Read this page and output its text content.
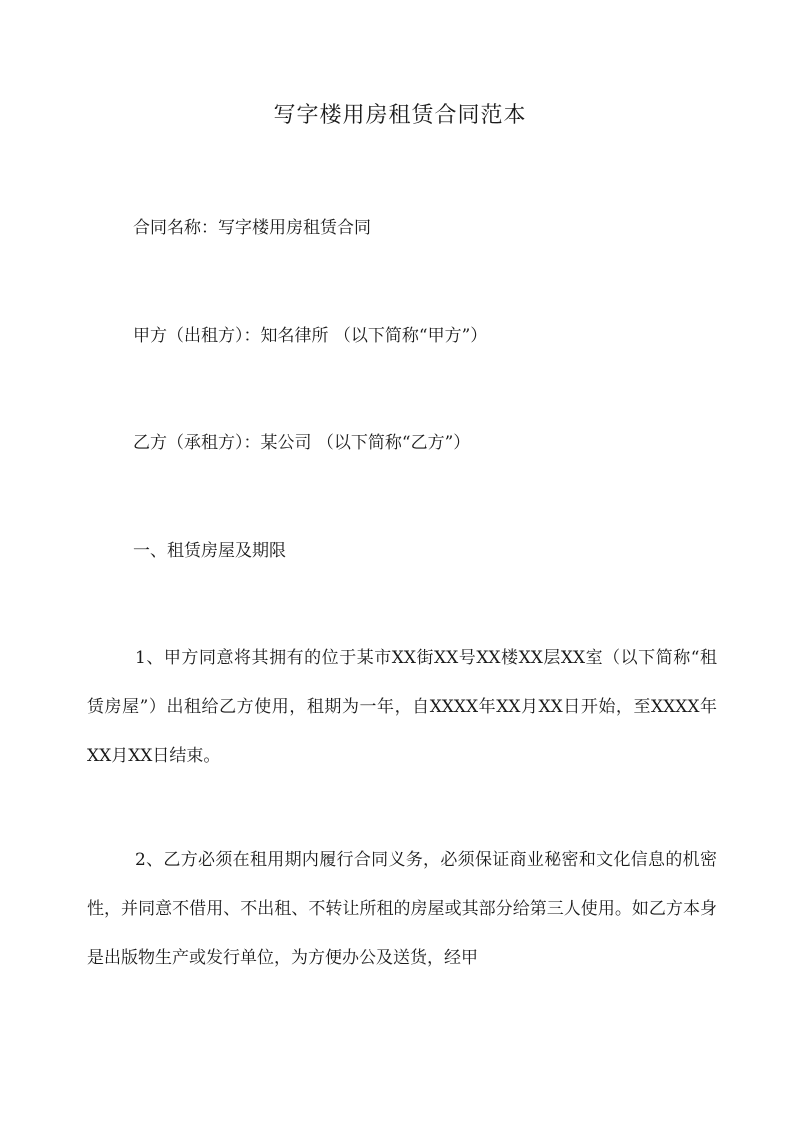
写字楼用房租赁合同范本
合同名称：写字楼用房租赁合同
甲方（出租方）：知名律所 （以下简称“甲方”）
乙方（承租方）：某公司 （以下简称“乙方”）
一、租赁房屋及期限
1、甲方同意将其拥有的位于某市XX街XX号XX楼XX层XX室（以下简称“租赁房屋”）出租给乙方使用，租期为一年，自XXXX年XX月XX日开始，至XXXX年XX月XX日结束。
2、乙方必须在租用期内履行合同义务，必须保证商业秘密和文化信息的机密性，并同意不借用、不出租、不转让所租的房屋或其部分给第三人使用。如乙方本身是出版物生产或发行单位，为方便办公及送货，经甲
